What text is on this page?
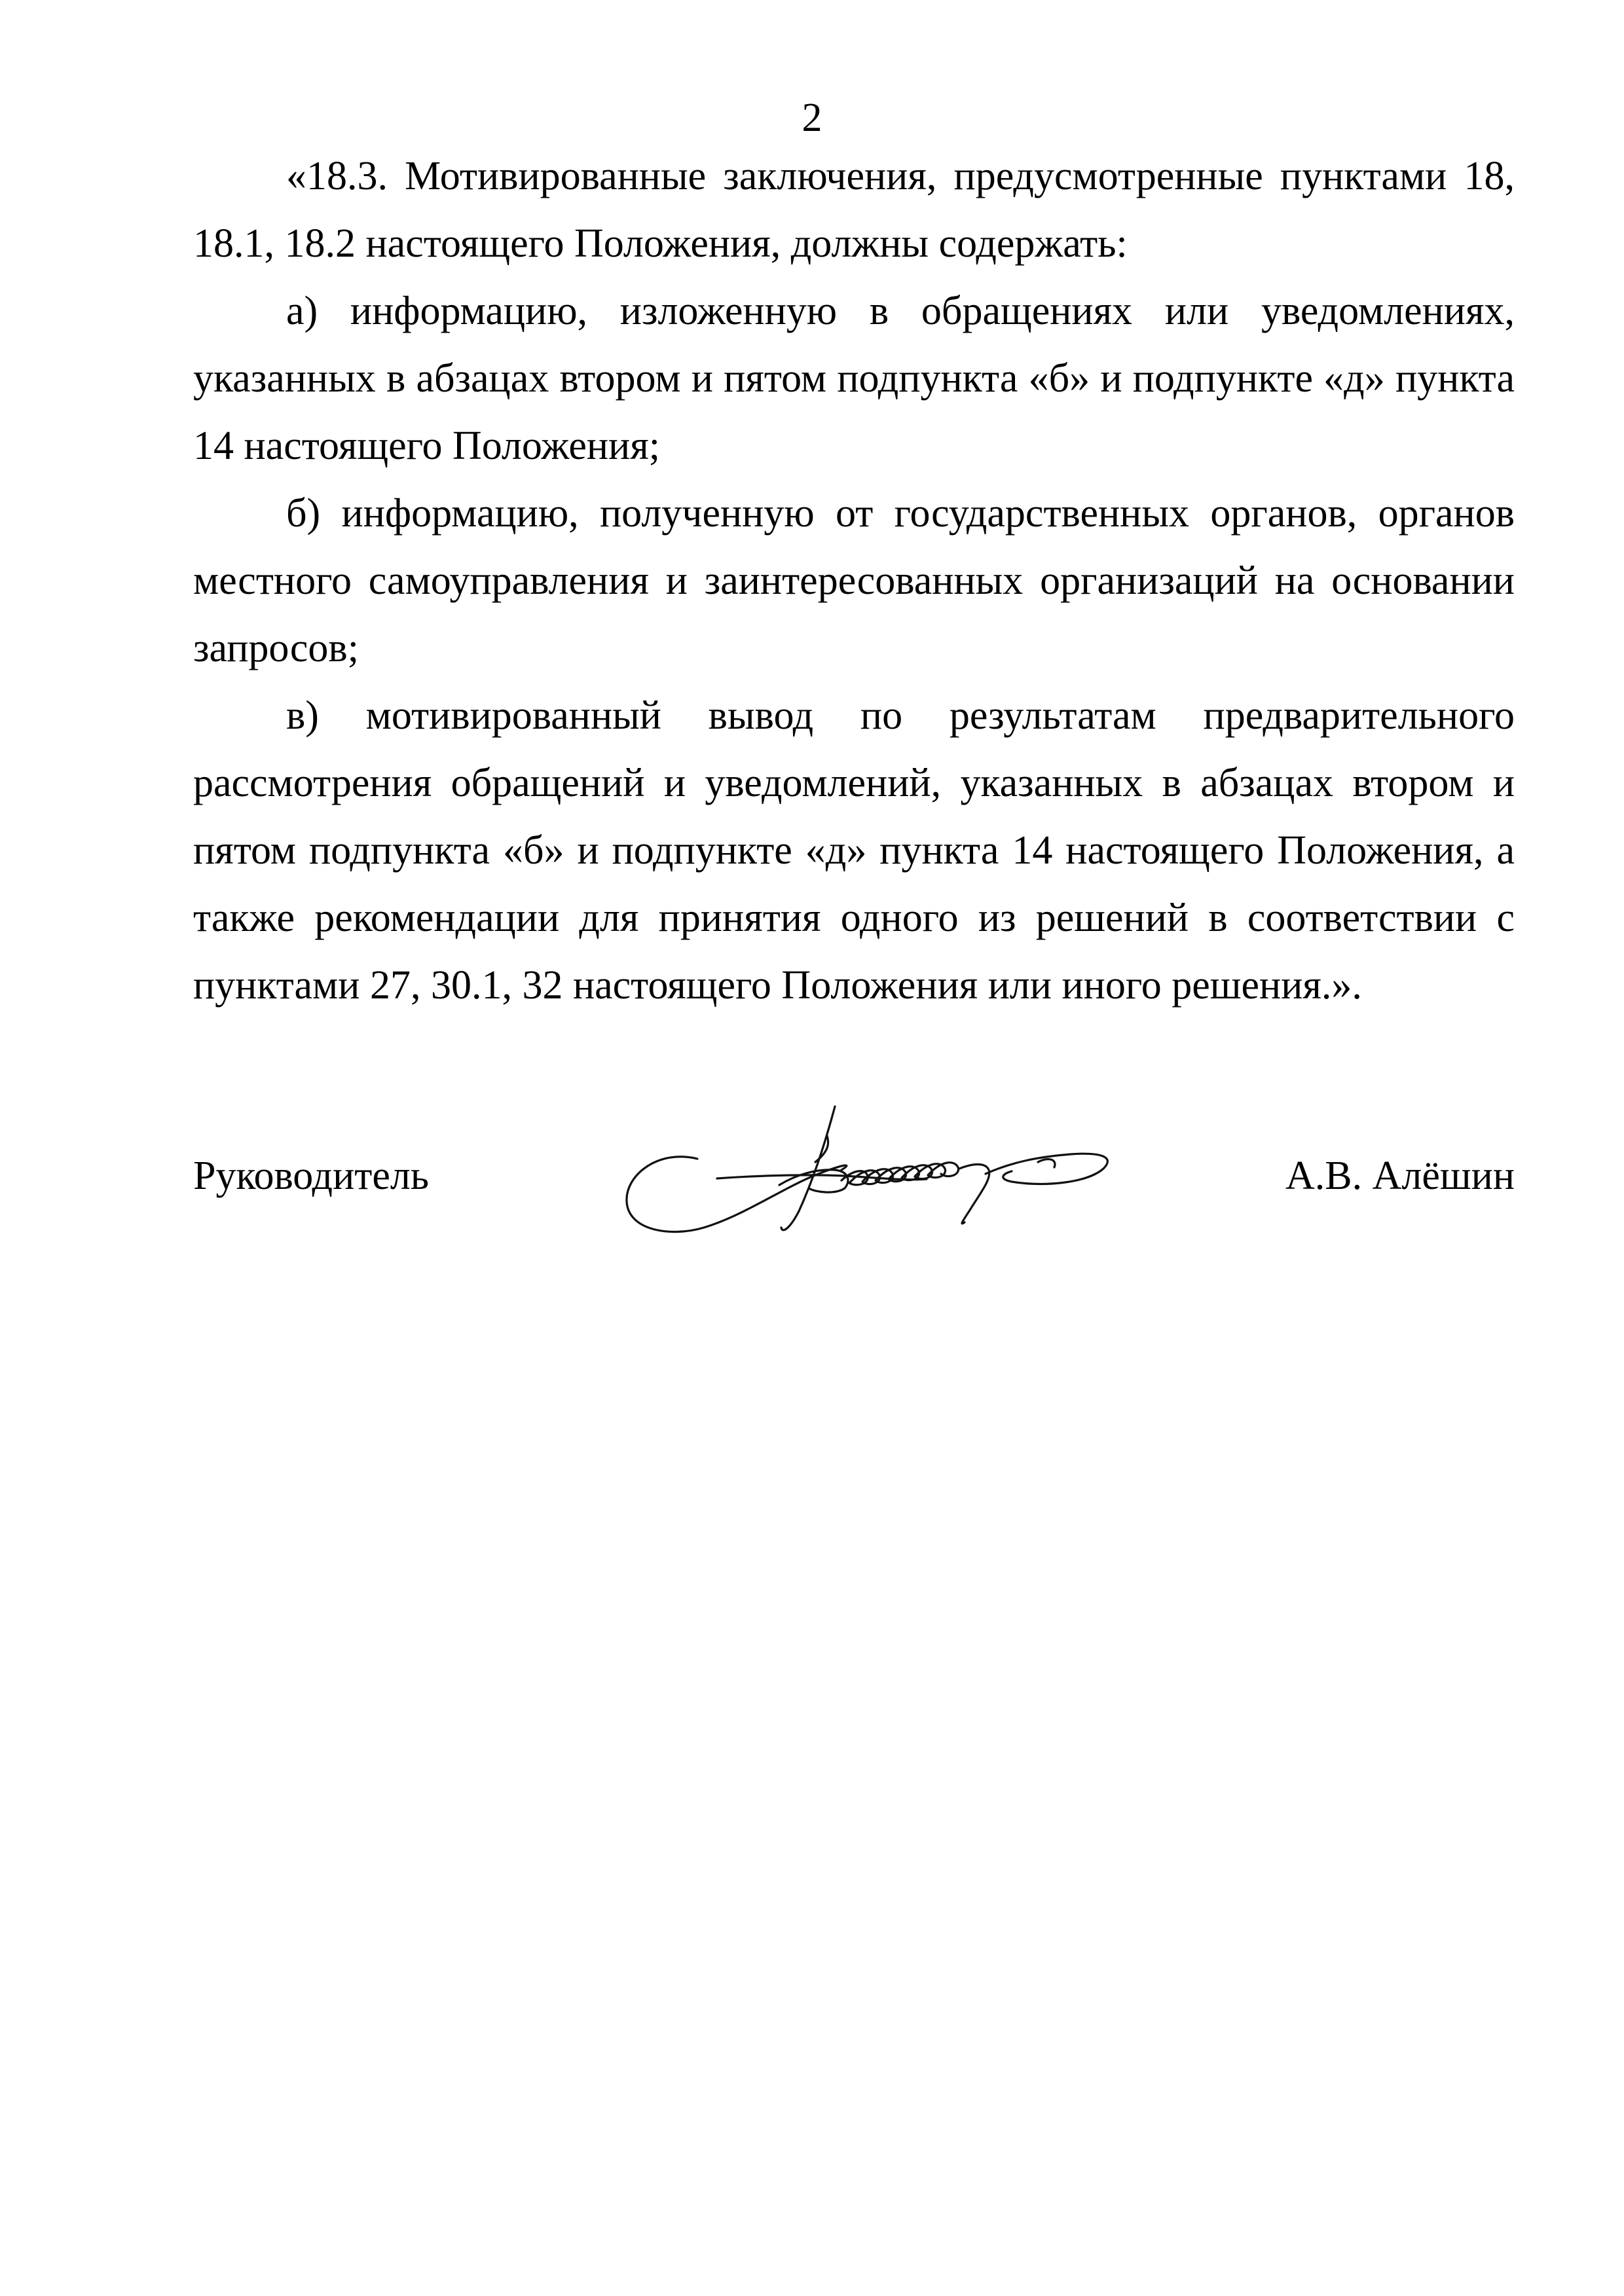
2

«18.3. Мотивированные заключения, предусмотренные пунктами 18, 18.1, 18.2 настоящего Положения, должны содержать:

а) информацию, изложенную в обращениях или уведомлениях, указанных в абзацах втором и пятом подпункта «б» и подпункте «д» пункта 14 настоящего Положения;

б) информацию, полученную от государственных органов, органов местного самоуправления и заинтересованных организаций на основании запросов;

в) мотивированный вывод по результатам предварительного рассмотрения обращений и уведомлений, указанных в абзацах втором и пятом подпункта «б» и подпункте «д» пункта 14 настоящего Положения, а также рекомендации для принятия одного из решений в соответствии с пунктами 27, 30.1, 32 настоящего Положения или иного решения.».

Руководитель	А.В. Алёшин
